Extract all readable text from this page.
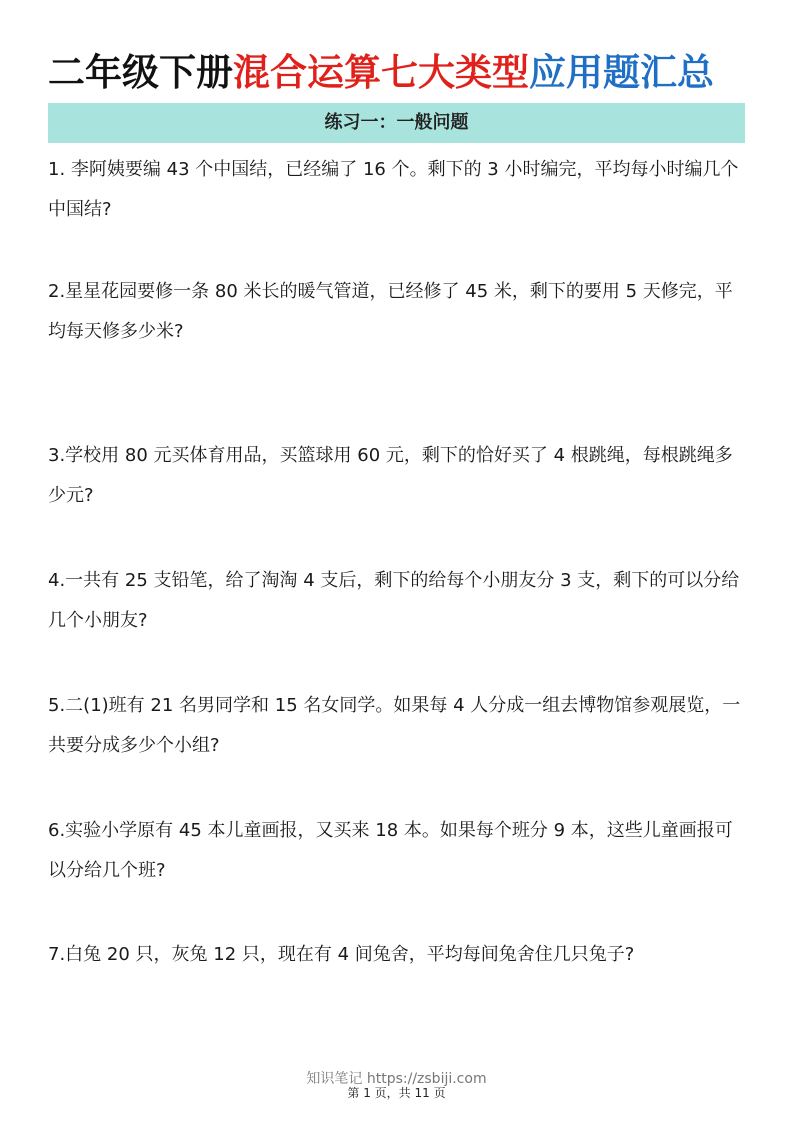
二年级下册混合运算七大类型应用题汇总
练习一：一般问题
1. 李阿姨要编 43 个中国结，已经编了 16 个。剩下的 3 小时编完，平均每小时编几个中国结?
2.星星花园要修一条 80 米长的暖气管道，已经修了 45 米，剩下的要用 5 天修完，平均每天修多少米?
3.学校用 80 元买体育用品，买篮球用 60 元，剩下的恰好买了 4 根跳绳，每根跳绳多少元?
4.一共有 25 支铅笔，给了淘淘 4 支后，剩下的给每个小朋友分 3 支，剩下的可以分给几个小朋友?
5.二(1)班有 21 名男同学和 15 名女同学。如果每 4 人分成一组去博物馆参观展览，一共要分成多少个小组?
6.实验小学原有 45 本儿童画报，又买来 18 本。如果每个班分 9 本，这些儿童画报可以分给几个班?
7.白兔 20 只，灰兔 12 只，现在有 4 间兔舍，平均每间兔舍住几只兔子?
知识笔记 https://zsbiji.com
第 1 页，共 11 页
